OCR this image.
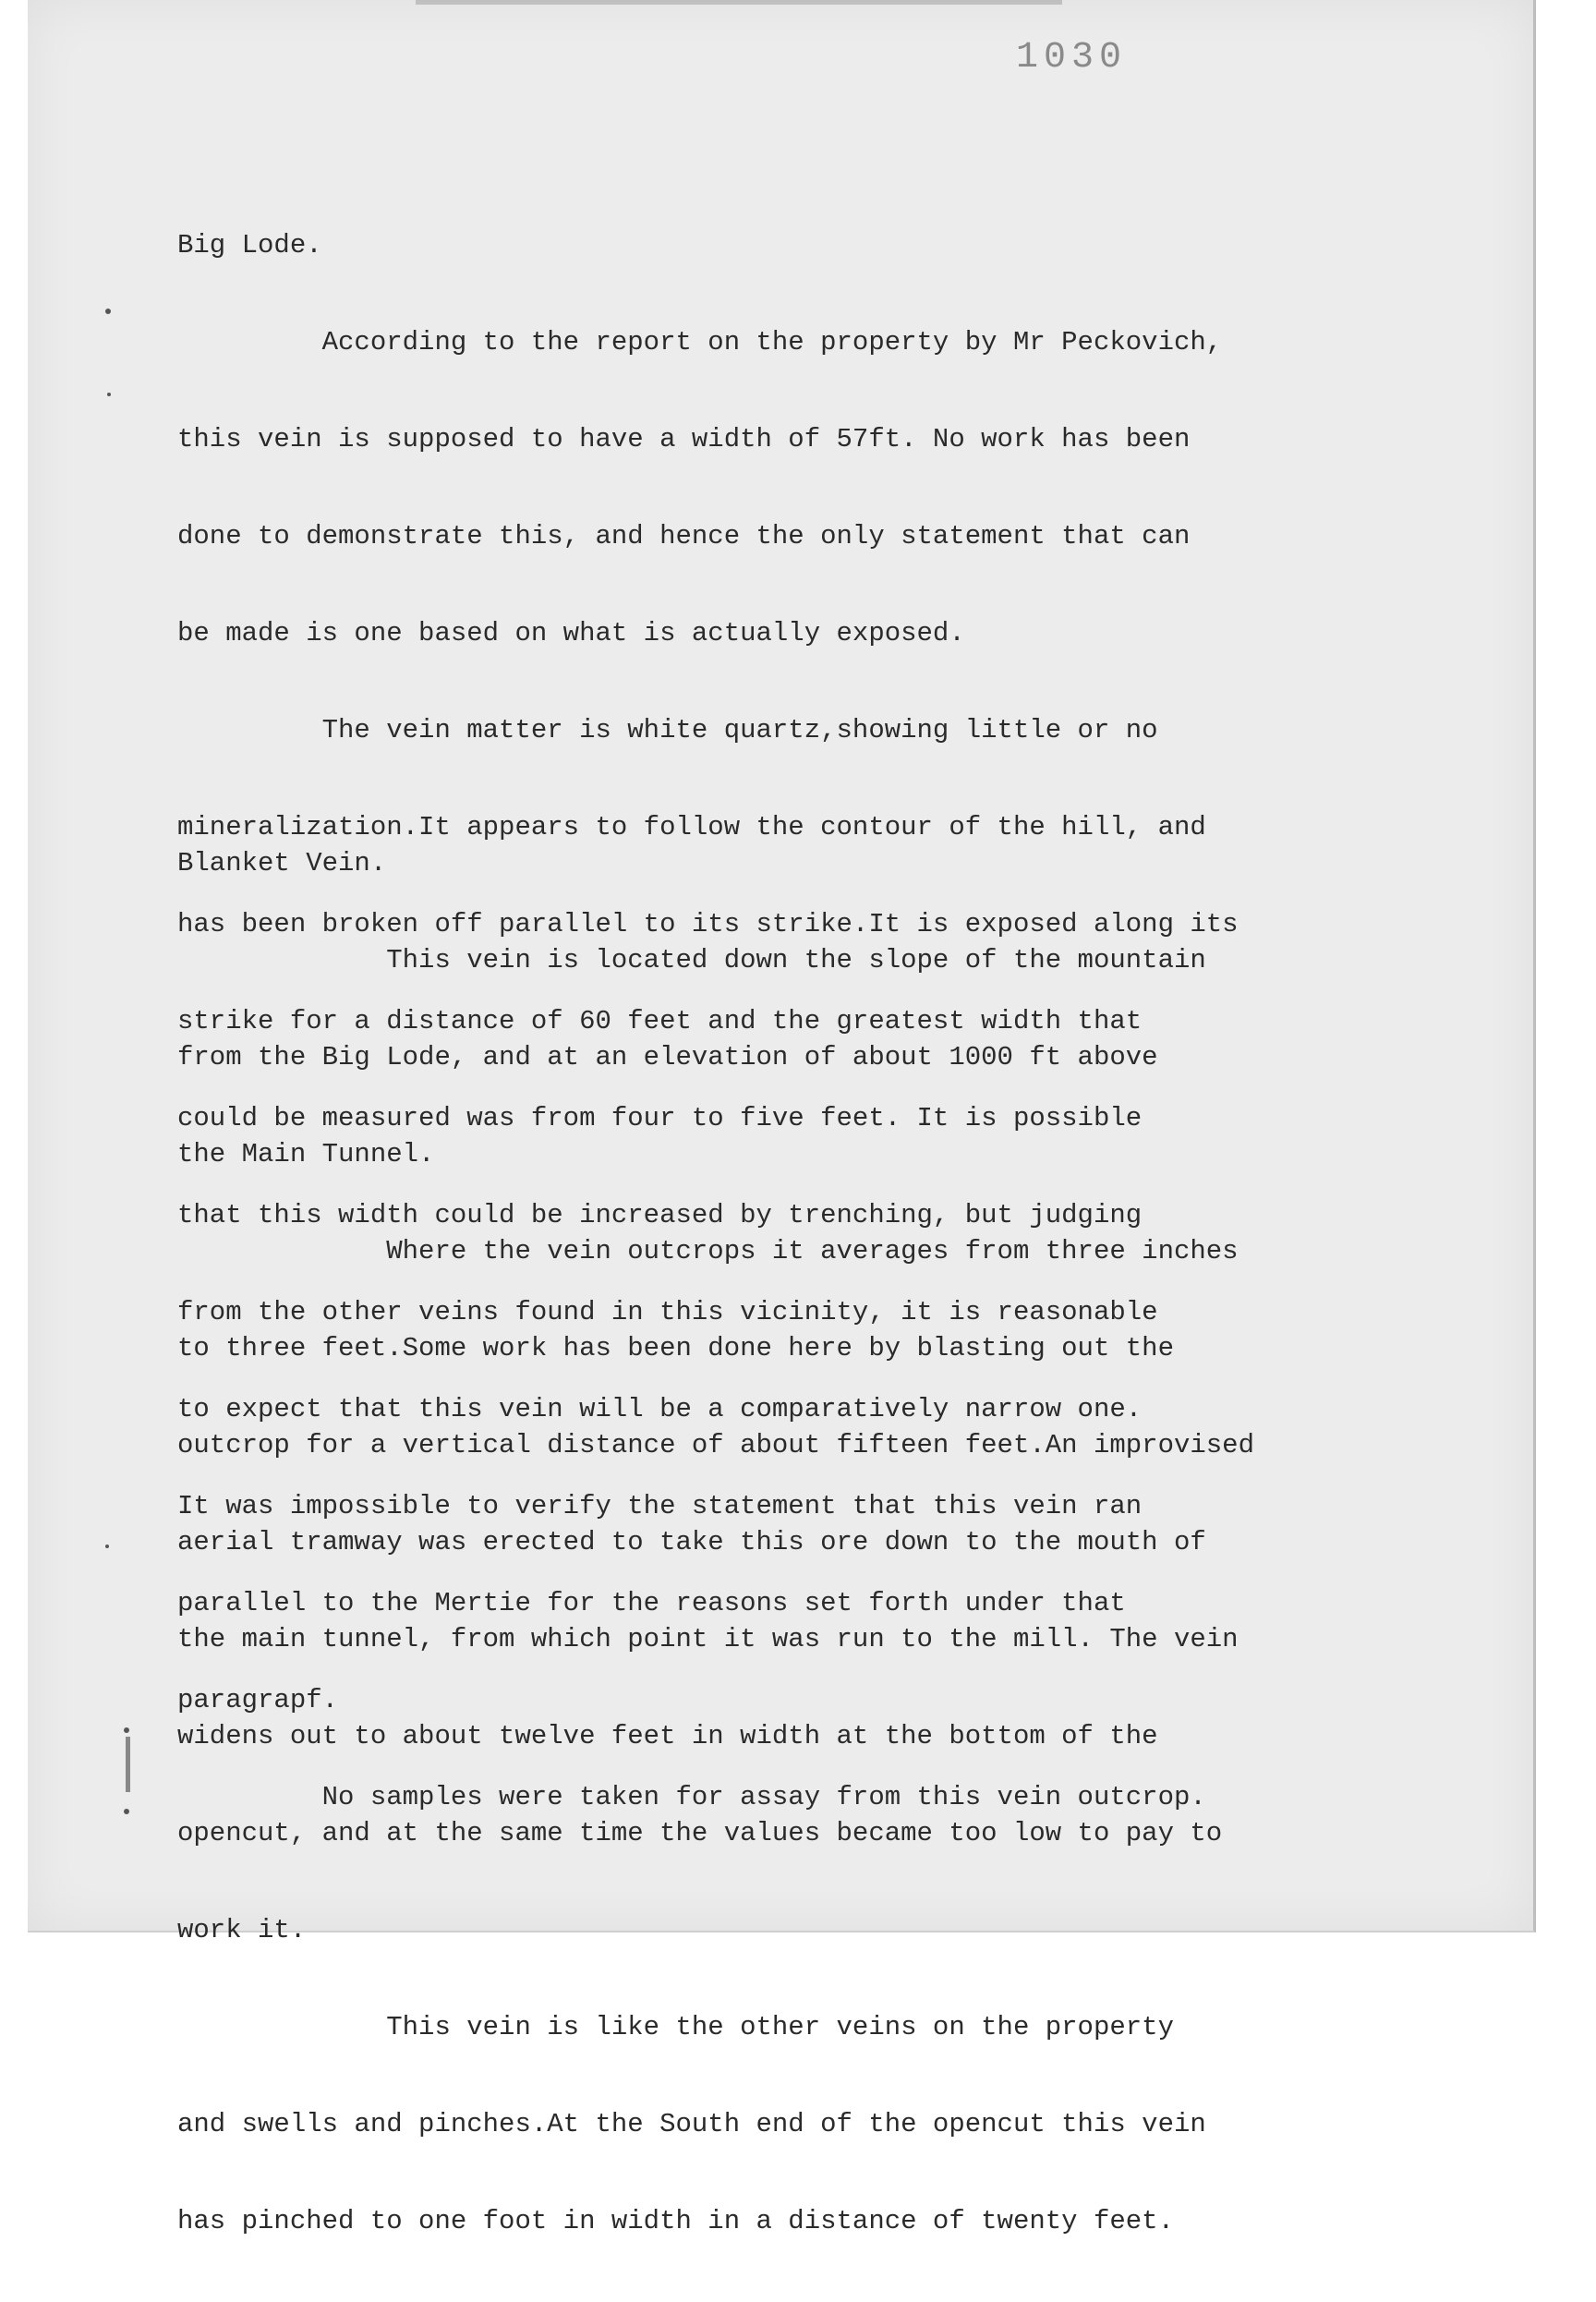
1030

Big Lode.

According to the report on the property by Mr Peckovich,

this vein is supposed to have a width of 57ft. No work has been

done to demonstrate this, and hence the only statement that can

be made is one based on what is actually exposed.

The vein matter is white quartz,showing little or no

mineralization.It appears to follow the contour of the hill, and

has been broken off parallel to its strike.It is exposed along its

strike for a distance of 60 feet and the greatest width that

could be measured was from four to five feet. It is possible

that this width could be increased by trenching, but judging

from the other veins found in this vicinity, it is reasonable

to expect that this vein will be a comparatively narrow one.

It was impossible to verify the statement that this vein ran

parallel to the Mertie for the reasons set forth under that

paragrapf.

No samples were taken for assay from this vein outcrop.

Blanket Vein.

This vein is located down the slope of the mountain

from the Big Lode, and at an elevation of about 1000 ft above

the Main Tunnel.

Where the vein outcrops it averages from three inches

to three feet.Some work has been done here by blasting out the

outcrop for a vertical distance of about fifteen feet.An improvised

aerial tramway was erected to take this ore down to the mouth of

the main tunnel, from which point it was run to the mill. The vein

widens out to about twelve feet in width at the bottom of the

opencut, and at the same time the values became too low to pay to

work it.

This vein is like the other veins on the property

and swells and pinches.At the South end of the opencut this vein

has pinched to one foot in width in a distance of twenty feet.
